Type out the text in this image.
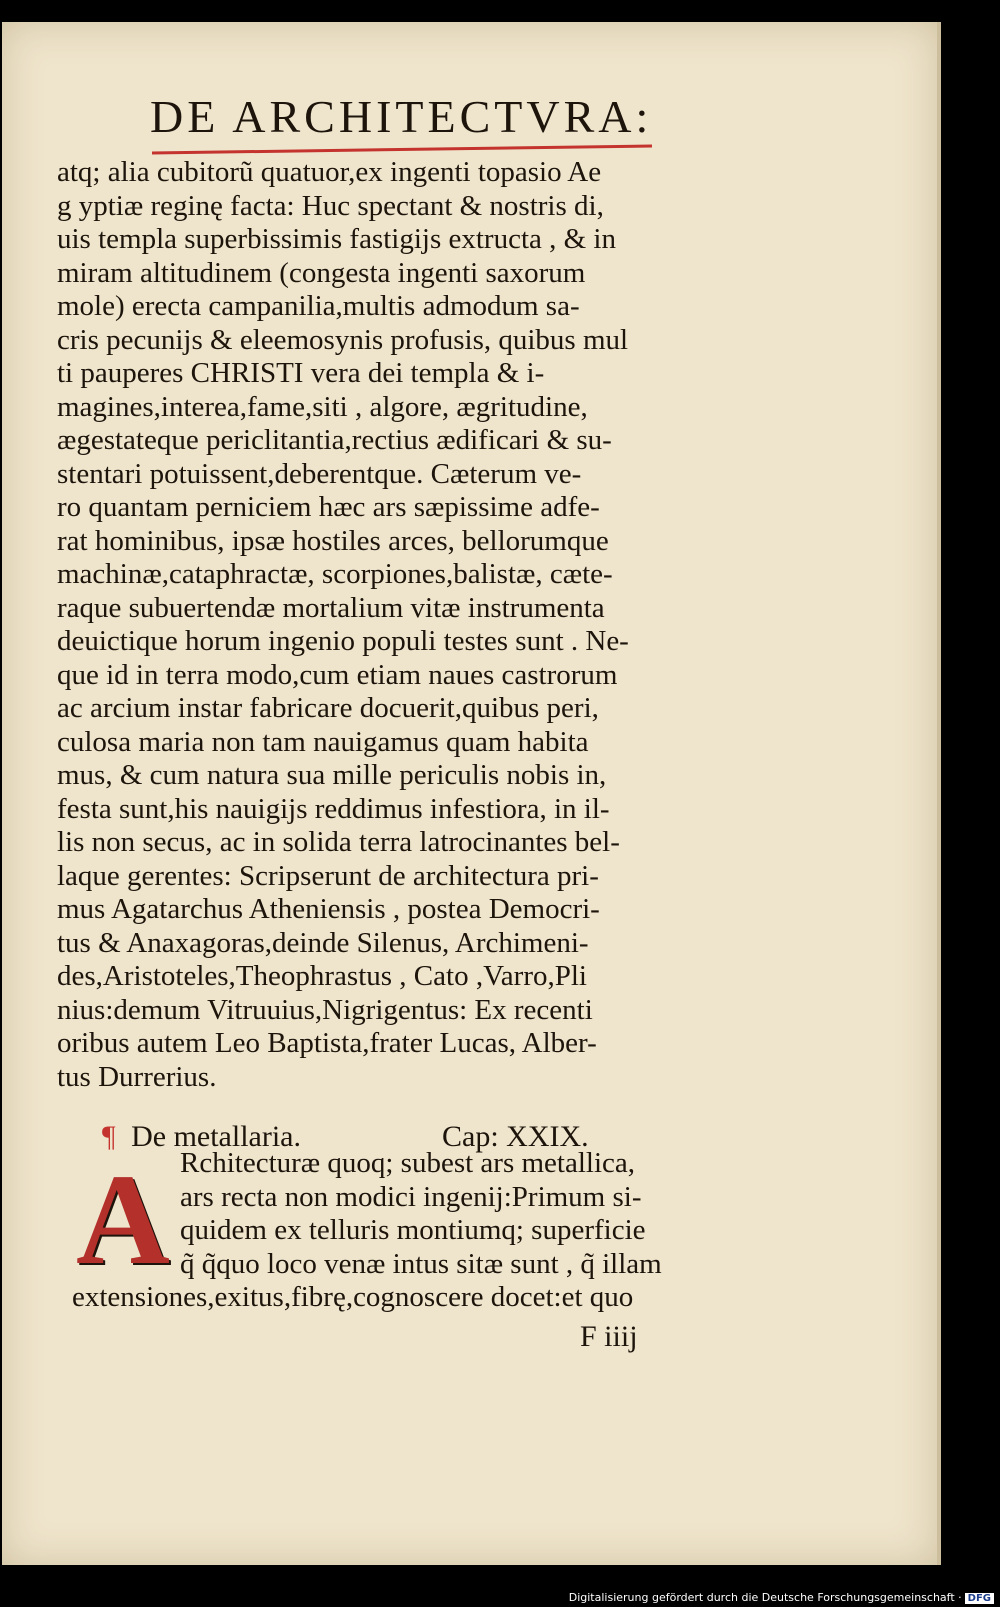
DE ARCHITECTVRA:
atq; alia cubitorũ quatuor,ex ingenti topasio Ae
g yptiæ reginę facta: Huc spectant & nostris di,
uis templa superbissimis fastigijs extructa , & in
miram altitudinem (congesta ingenti saxorum
mole) erecta campanilia,multis admodum sa-
cris pecunijs & eleemosynis profusis, quibus mul
ti pauperes CHRISTI vera dei templa & i-
magines,interea,fame,siti , algore, ægritudine,
ægestateque periclitantia,rectius ædificari & su-
stentari potuissent,deberentque. Cæterum ve-
ro quantam perniciem hæc ars sæpissime adfe-
rat hominibus, ipsæ hostiles arces, bellorumque
machinæ,cataphractæ, scorpiones,balistæ, cæte-
raque subuertendæ mortalium vitæ instrumenta
deuictique horum ingenio populi testes sunt . Ne-
que id in terra modo,cum etiam naues castrorum
ac arcium instar fabricare docuerit,quibus peri,
culosa maria non tam nauigamus quam habita
mus, & cum natura sua mille periculis nobis in,
festa sunt,his nauigijs reddimus infestiora, in il-
lis non secus, ac in solida terra latrocinantes bel-
laque gerentes: Scripserunt de architectura pri-
mus Agatarchus Atheniensis , postea Democri-
tus & Anaxagoras,deinde Silenus, Archimeni-
des,Aristoteles,Theophrastus , Cato ,Varro,Pli
nius:demum Vitruuius,Nigrigentus: Ex recenti
oribus autem Leo Baptista,frater Lucas, Alber-
tus Durrerius.
¶ De metallaria.	Cap: XXIX.
A Rchitecturæ quoq; subest ars metallica,
ars recta non modici ingenij:Primum si-
quidem ex telluris montiumq; superficie
q̃ q̃quo loco venæ intus sitæ sunt , q̃ illam
extensiones,exitus,fibrę,cognoscere docet:et quo
F iiij
Digitalisierung gefördert durch die Deutsche Forschungsgemeinschaft · DFG
